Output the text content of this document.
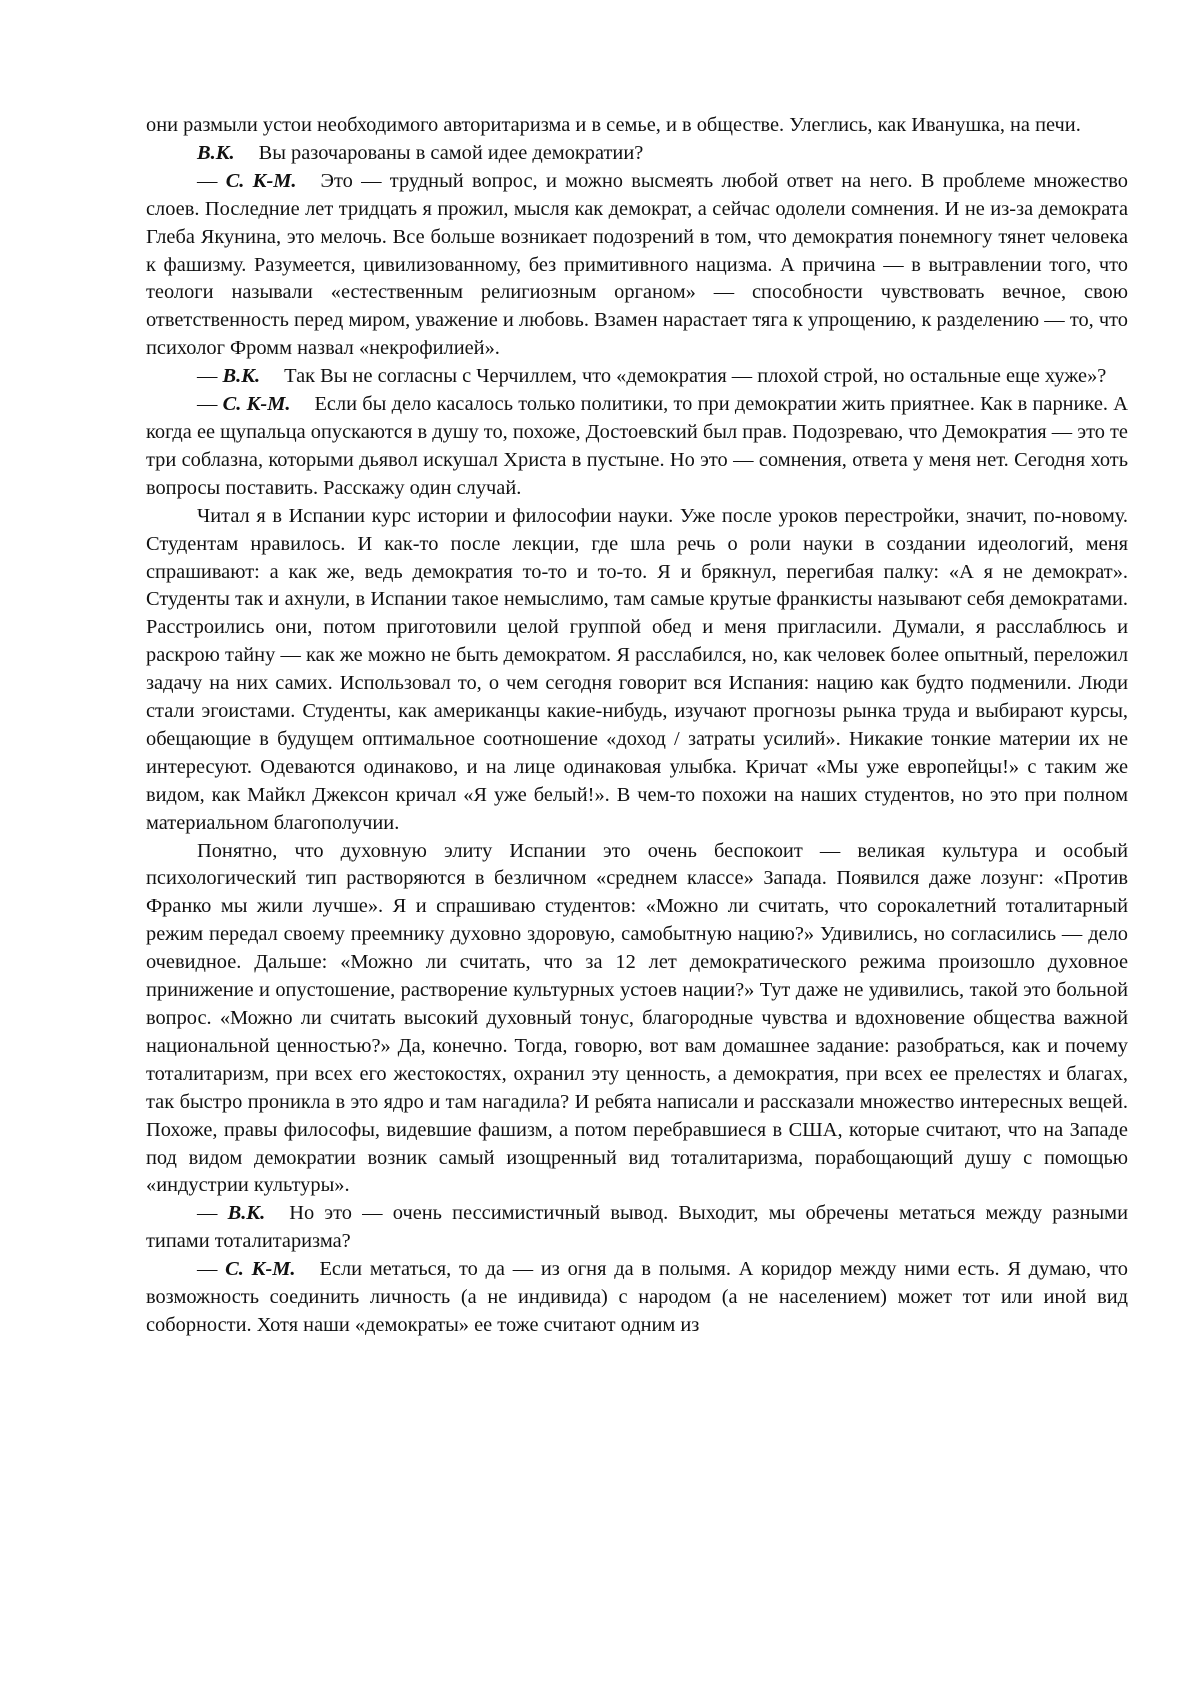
они размыли устои необходимого авторитаризма и в семье, и в обществе. Улеглись, как Иванушка, на печи.

В.К. Вы разочарованы в самой идее демократии?

— С. К-М. Это — трудный вопрос, и можно высмеять любой ответ на него. В проблеме множество слоев. Последние лет тридцать я прожил, мысля как демократ, а сейчас одолели сомнения. И не из-за демократа Глеба Якунина, это мелочь. Все больше возникает подозрений в том, что демократия понемногу тянет человека к фашизму. Разумеется, цивилизованному, без примитивного нацизма. А причина — в вытравлении того, что теологи называли «естественным религиозным органом» — способности чувствовать вечное, свою ответственность перед миром, уважение и любовь. Взамен нарастает тяга к упрощению, к разделению — то, что психолог Фромм назвал «некрофилией».

— В.К. Так Вы не согласны с Черчиллем, что «демократия — плохой строй, но остальные еще хуже»?

— С. К-М. Если бы дело касалось только политики, то при демократии жить приятнее. Как в парнике. А когда ее щупальца опускаются в душу то, похоже, Достоевский был прав. Подозреваю, что Демократия — это те три соблазна, которыми дьявол искушал Христа в пустыне. Но это — сомнения, ответа у меня нет. Сегодня хоть вопросы поставить. Расскажу один случай.

Читал я в Испании курс истории и философии науки. Уже после уроков перестройки, значит, по-новому. Студентам нравилось. И как-то после лекции, где шла речь о роли науки в создании идеологий, меня спрашивают: а как же, ведь демократия то-то и то-то. Я и брякнул, перегибая палку: «А я не демократ». Студенты так и ахнули, в Испании такое немыслимо, там самые крутые франкисты называют себя демократами. Расстроились они, потом приготовили целой группой обед и меня пригласили. Думали, я расслаблюсь и раскрою тайну — как же можно не быть демократом. Я расслабился, но, как человек более опытный, переложил задачу на них самих. Использовал то, о чем сегодня говорит вся Испания: нацию как будто подменили. Люди стали эгоистами. Студенты, как американцы какие-нибудь, изучают прогнозы рынка труда и выбирают курсы, обещающие в будущем оптимальное соотношение «доход / затраты усилий». Никакие тонкие материи их не интересуют. Одеваются одинаково, и на лице одинаковая улыбка. Кричат «Мы уже европейцы!» с таким же видом, как Майкл Джексон кричал «Я уже белый!». В чем-то похожи на наших студентов, но это при полном материальном благополучии.

Понятно, что духовную элиту Испании это очень беспокоит — великая культура и особый психологический тип растворяются в безличном «среднем классе» Запада. Появился даже лозунг: «Против Франко мы жили лучше». Я и спрашиваю студентов: «Можно ли считать, что сорокалетний тоталитарный режим передал своему преемнику духовно здоровую, самобытную нацию?» Удивились, но согласились — дело очевидное. Дальше: «Можно ли считать, что за 12 лет демократического режима произошло духовное принижение и опустошение, растворение культурных устоев нации?» Тут даже не удивились, такой это больной вопрос. «Можно ли считать высокий духовный тонус, благородные чувства и вдохновение общества важной национальной ценностью?» Да, конечно. Тогда, говорю, вот вам домашнее задание: разобраться, как и почему тоталитаризм, при всех его жестокостях, охранил эту ценность, а демократия, при всех ее прелестях и благах, так быстро проникла в это ядро и там нагадила? И ребята написали и рассказали множество интересных вещей. Похоже, правы философы, видевшие фашизм, а потом перебравшиеся в США, которые считают, что на Западе под видом демократии возник самый изощренный вид тоталитаризма, порабощающий душу с помощью «индустрии культуры».

— В.К. Но это — очень пессимистичный вывод. Выходит, мы обречены метаться между разными типами тоталитаризма?

— С. К-М. Если метаться, то да — из огня да в полымя. А коридор между ними есть. Я думаю, что возможность соединить личность (а не индивида) с народом (а не населением) может тот или иной вид соборности. Хотя наши «демократы» ее тоже считают одним из
